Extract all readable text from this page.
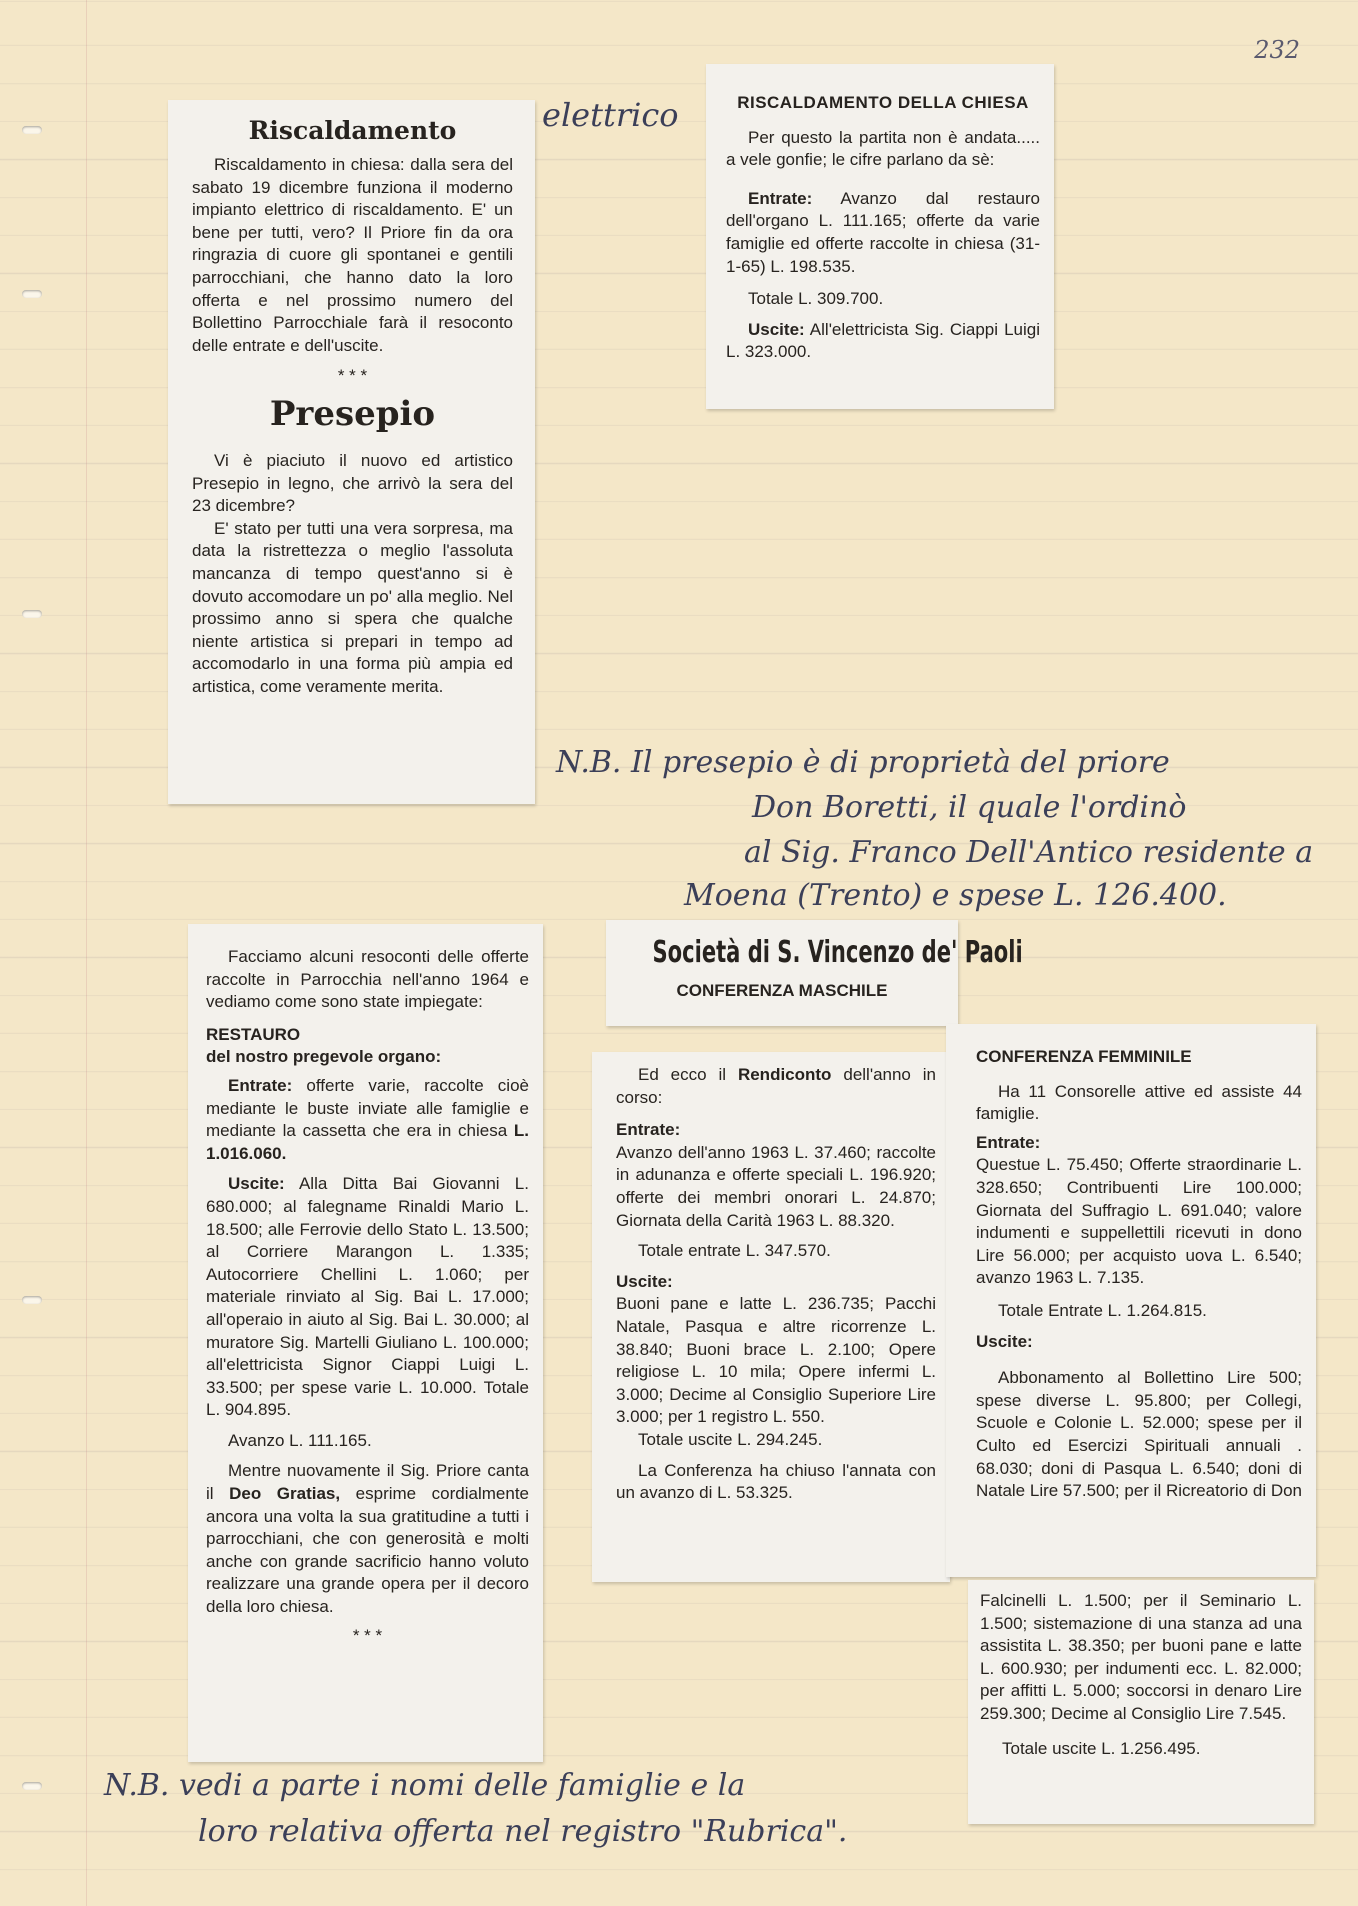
232
Riscaldamento

Riscaldamento in chiesa: dalla sera del sabato 19 dicembre funziona il moderno impianto elettrico di riscaldamento. E' un bene per tutti, vero? Il Priore fin da ora ringrazia di cuore gli spontanei e gentili parrocchiani, che hanno dato la loro offerta e nel prossimo numero del Bollettino Parrocchiale farà il resoconto delle entrate e dell'uscite.

* * *
Presepio

Vi è piaciuto il nuovo ed artistico Presepio in legno, che arrivò la sera del 23 dicembre?

E' stato per tutti una vera sorpresa, ma data la ristrettezza o meglio l'assoluta mancanza di tempo quest'anno si è dovuto accomodare un po' alla meglio. Nel prossimo anno si spera che qualche niente artistica si prepari in tempo ad accomodarlo in una forma più ampia ed artistica, come veramente merita.

elettrico	RISCALDAMENTO DELLA CHIESA

Per questo la partita non è andata..... a vele gonfie; le cifre parlano da sè:

Entrate: Avanzo dal restauro dell'organo L. 111.165; offerte da varie famiglie ed offerte raccolte in chiesa (31-1-65) L. 198.535.

Totale L. 309.700.

Uscite: All'elettricista Sig. Ciappi Luigi L. 323.000.

N.B. Il presepio è di proprietà del priore
Don Boretti, il quale l'ordinò
al Sig. Franco Dell'Antico residente a
Moena (Trento) e spese L. 126.400.

Facciamo alcuni resoconti delle offerte raccolte in Parrocchia nell'anno 1964 e vediamo come sono state impiegate:

RESTAURO
del nostro pregevole organo:

Entrate: offerte varie, raccolte cioè mediante le buste inviate alle famiglie e mediante la cassetta che era in chiesa L. 1.016.060.

Uscite: Alla Ditta Bai Giovanni L. 680.000; al falegname Rinaldi Mario L. 18.500; alle Ferrovie dello Stato L. 13.500; al Corriere Marangon L. 1.335; Autocorriere Chellini L. 1.060; per materiale rinviato al Sig. Bai L. 17.000; all'operaio in aiuto al Sig. Bai L. 30.000; al muratore Sig. Martelli Giuliano L. 100.000; all'elettricista Signor Ciappi Luigi L. 33.500; per spese varie L. 10.000. Totale L. 904.895.

Avanzo L. 111.165.

Mentre nuovamente il Sig. Priore canta il Deo Gratias, esprime cordialmente ancora una volta la sua gratitudine a tutti i parrocchiani, che con generosità e molti anche con grande sacrificio hanno voluto realizzare una grande opera per il decoro della loro chiesa.

* * *
Società di S. Vincenzo de' Paoli
CONFERENZA MASCHILE

Ed ecco il Rendiconto dell'anno in corso:

Entrate:

Avanzo dell'anno 1963 L. 37.460; raccolte in adunanza e offerte speciali L. 196.920; offerte dei membri onorari L. 24.870; Giornata della Carità 1963 L. 88.320.

Totale entrate L. 347.570.

Uscite:

Buoni pane e latte L. 236.735; Pacchi Natale, Pasqua e altre ricorrenze L. 38.840; Buoni brace L. 2.100; Opere religiose L. 10 mila; Opere infermi L. 3.000; Decime al Consiglio Superiore Lire 3.000; per 1 registro L. 550.

Totale uscite L. 294.245.

La Conferenza ha chiuso l'annata con un avanzo di L. 53.325.

CONFERENZA FEMMINILE

Ha 11 Consorelle attive ed assiste 44 famiglie.

Entrate:

Questue L. 75.450; Offerte straordinarie L. 328.650; Contribuenti Lire 100.000; Giornata del Suffragio L. 691.040; valore indumenti e suppellettili ricevuti in dono Lire 56.000; per acquisto uova L. 6.540; avanzo 1963 L. 7.135.

Totale Entrate L. 1.264.815.

Uscite:

Abbonamento al Bollettino Lire 500; spese diverse L. 95.800; per Collegi, Scuole e Colonie L. 52.000; spese per il Culto ed Esercizi Spirituali annuali . 68.030; doni di Pasqua L. 6.540; doni di Natale Lire 57.500; per il Ricreatorio di Don

Falcinelli L. 1.500; per il Seminario L. 1.500; sistemazione di una stanza ad una assistita L. 38.350; per buoni pane e latte L. 600.930; per indumenti ecc. L. 82.000; per affitti L. 5.000; soccorsi in denaro Lire 259.300; Decime al Consiglio Lire 7.545.

Totale uscite L. 1.256.495.

N.B. vedi a parte i nomi delle famiglie e la
loro relativa offerta nel registro "Rubrica".
